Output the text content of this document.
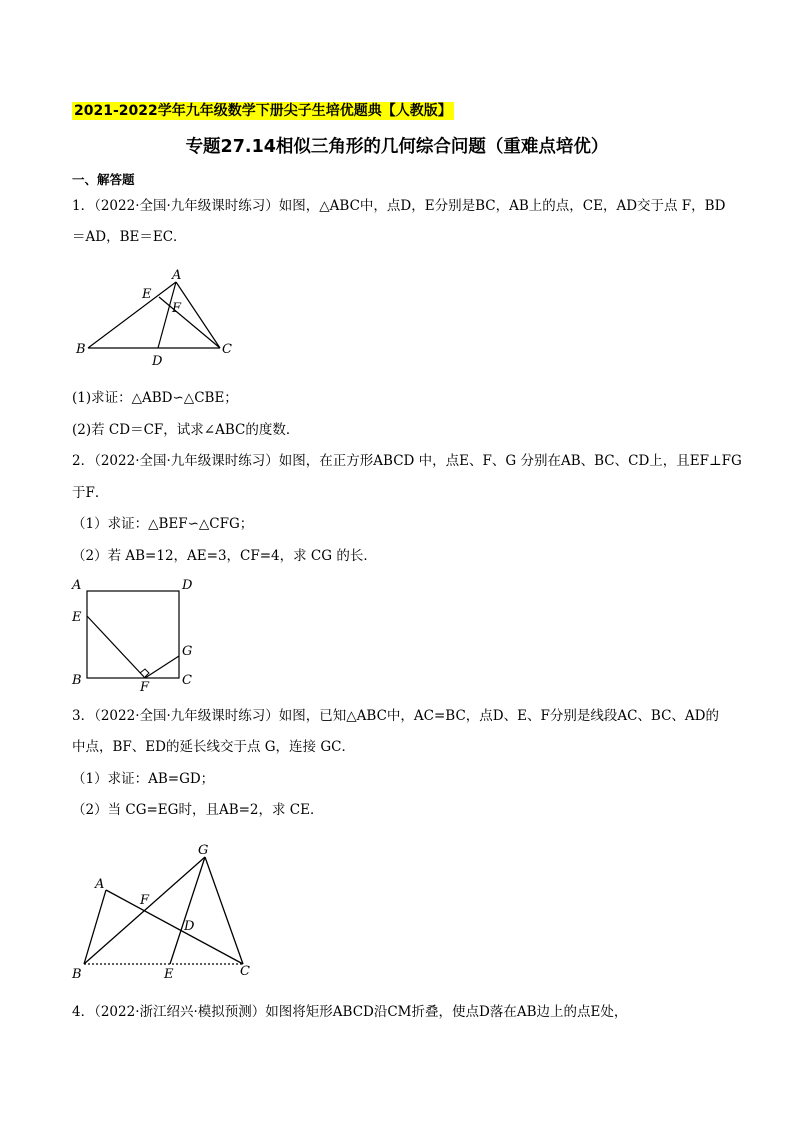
2021-2022学年九年级数学下册尖子生培优题典【人教版】
专题27.14相似三角形的几何综合问题（重难点培优）
一、解答题
1．（2022·全国·九年级课时练习）如图，△ABC中，点D，E分别是BC，AB上的点，CE，AD交于点 F，BD
＝AD，BE＝EC．
A
E
F
B
D
C
(1)求证：△ABD∽△CBE；
(2)若 CD＝CF，试求∠ABC的度数．
2．（2022·全国·九年级课时练习）如图，在正方形ABCD 中，点E、F、G 分别在AB、BC、CD上，且EF⊥FG
于F．
（1）求证：△BEF∽△CFG；
（2）若 AB=12，AE=3，CF=4，求 CG 的长．
A	D
E
G
B	F	C
3．（2022·全国·九年级课时练习）如图，已知△ABC中，AC=BC，点D、E、F分别是线段AC、BC、AD的
中点，BF、ED的延长线交于点 G，连接 GC．
（1）求证：AB=GD；
（2）当 CG=EG时，且AB=2，求 CE．
G
A
F
D
B	E	C
4．（2022·浙江绍兴·模拟预测）如图将矩形ABCD沿CM折叠，使点D落在AB边上的点E处，
